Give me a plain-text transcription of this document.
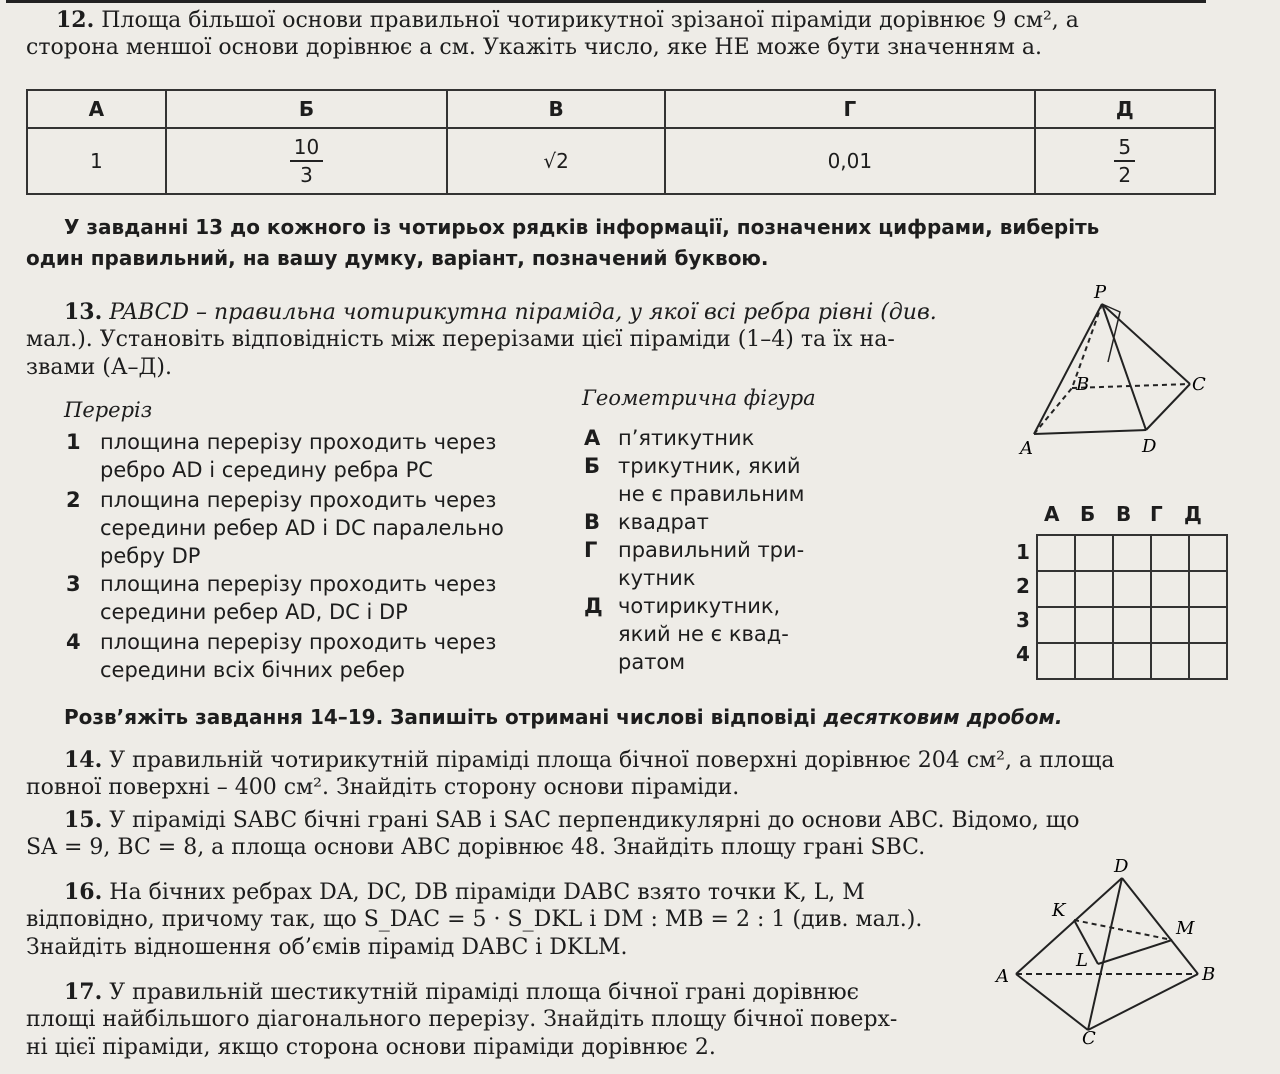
12. Площа більшої основи правильної чотирикутної зрізаної піраміди дорівнює 9 см², а
сторона меншої основи дорівнює a см. Укажіть число, яке НЕ може бути значенням a.
А	Б	В	Г	Д
1	$\frac{10}{3}$	√2	0,01	$\frac{5}{2}$
У завданні 13 до кожного із чотирьох рядків інформації, позначених цифрами, виберіть
один правильний, на вашу думку, варіант, позначений буквою.
13. PABCD – правильна чотирикутна піраміда, у якої всі ребра рівні (див.
мал.). Установіть відповідність між перерізами цієї піраміди (1–4) та їх на-
звами (А–Д).
Переріз	Геометрична фігура
1 площина перерізу проходить через
ребро AD і середину ребра PC
2 площина перерізу проходить через
середини ребер AD і DC паралельно
ребру DP
3 площина перерізу проходить через
середини ребер AD, DC і DP
4 площина перерізу проходить через
середини всіх бічних ребер
А п’ятикутник
Б трикутник, який
не є правильним
В квадрат
Г правильний три-
кутник
Д чотирикутник,
який не є квад-
ратом
P
B	C
A	D
А Б В Г Д
1
2
3
4

Розв’яжіть завдання 14–19. Запишіть отримані числові відповіді десятковим дробом.
14. У правильній чотирикутній піраміді площа бічної поверхні дорівнює 204 см², а площа
повної поверхні – 400 см². Знайдіть сторону основи піраміди.
15. У піраміді SABC бічні грані SAB і SAC перпендикулярні до основи ABC. Відомо, що
SA = 9, BC = 8, а площа основи ABC дорівнює 48. Знайдіть площу грані SBC.
16. На бічних ребрах DA, DC, DB піраміди DABC взято точки K, L, M
відповідно, причому так, що S_DAC = 5 · S_DKL і DM : MB = 2 : 1 (див. мал.).
Знайдіть відношення об’ємів пірамід DABC і DKLM.
D
K
M
A
L
B
C
17. У правильній шестикутній піраміді площа бічної грані дорівнює
площі найбільшого діагонального перерізу. Знайдіть площу бічної поверх-
ні цієї піраміди, якщо сторона основи піраміди дорівнює 2.
